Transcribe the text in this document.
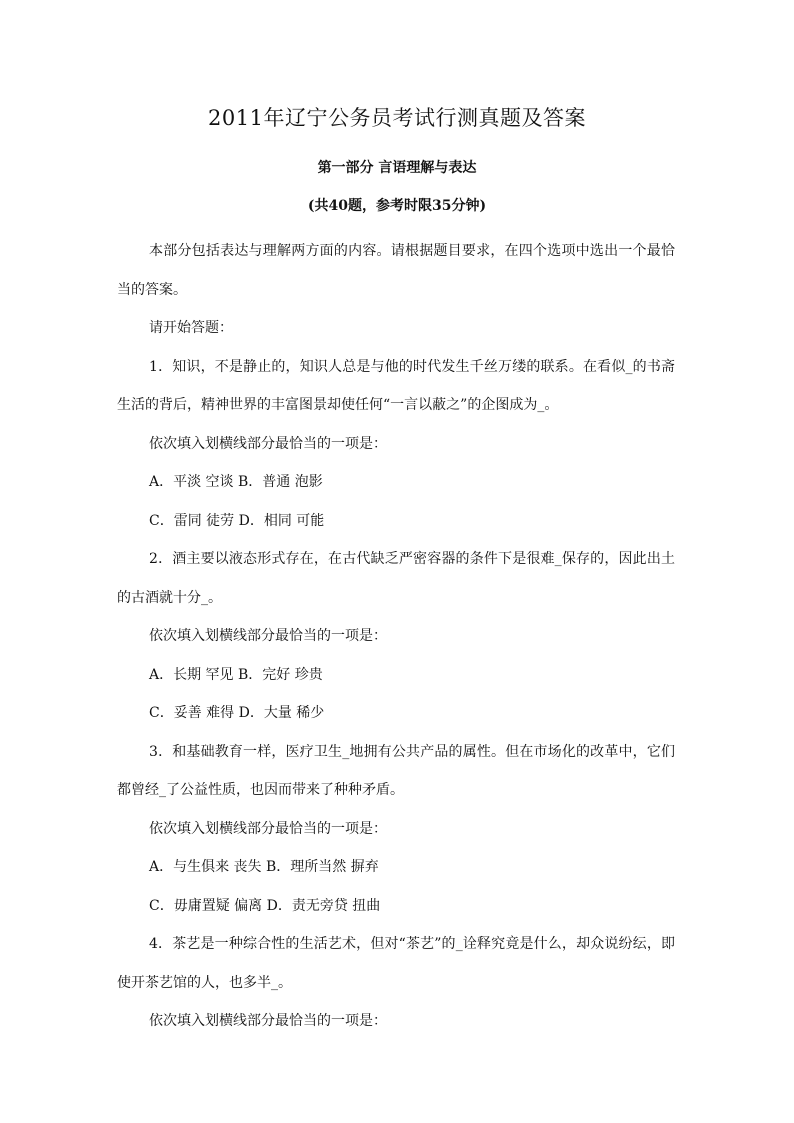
2011年辽宁公务员考试行测真题及答案
第一部分 言语理解与表达
(共40题，参考时限35分钟)

本部分包括表达与理解两方面的内容。请根据题目要求，在四个选项中选出一个最恰当的答案。

请开始答题：

1．知识，不是静止的，知识人总是与他的时代发生千丝万缕的联系。在看似_的书斋生活的背后，精神世界的丰富图景却使任何“一言以蔽之”的企图成为_。

依次填入划横线部分最恰当的一项是：

A．平淡 空谈 B．普通 泡影

C．雷同 徒劳 D．相同 可能

2．酒主要以液态形式存在，在古代缺乏严密容器的条件下是很难_保存的，因此出土的古酒就十分_。

依次填入划横线部分最恰当的一项是：

A．长期 罕见 B．完好 珍贵

C．妥善 难得 D．大量 稀少

3．和基础教育一样，医疗卫生_地拥有公共产品的属性。但在市场化的改革中，它们都曾经_了公益性质，也因而带来了种种矛盾。

依次填入划横线部分最恰当的一项是：

A．与生俱来 丧失 B．理所当然 摒弃

C．毋庸置疑 偏离 D．责无旁贷 扭曲

4．茶艺是一种综合性的生活艺术，但对“茶艺”的_诠释究竟是什么，却众说纷纭，即使开茶艺馆的人，也多半_。

依次填入划横线部分最恰当的一项是：
